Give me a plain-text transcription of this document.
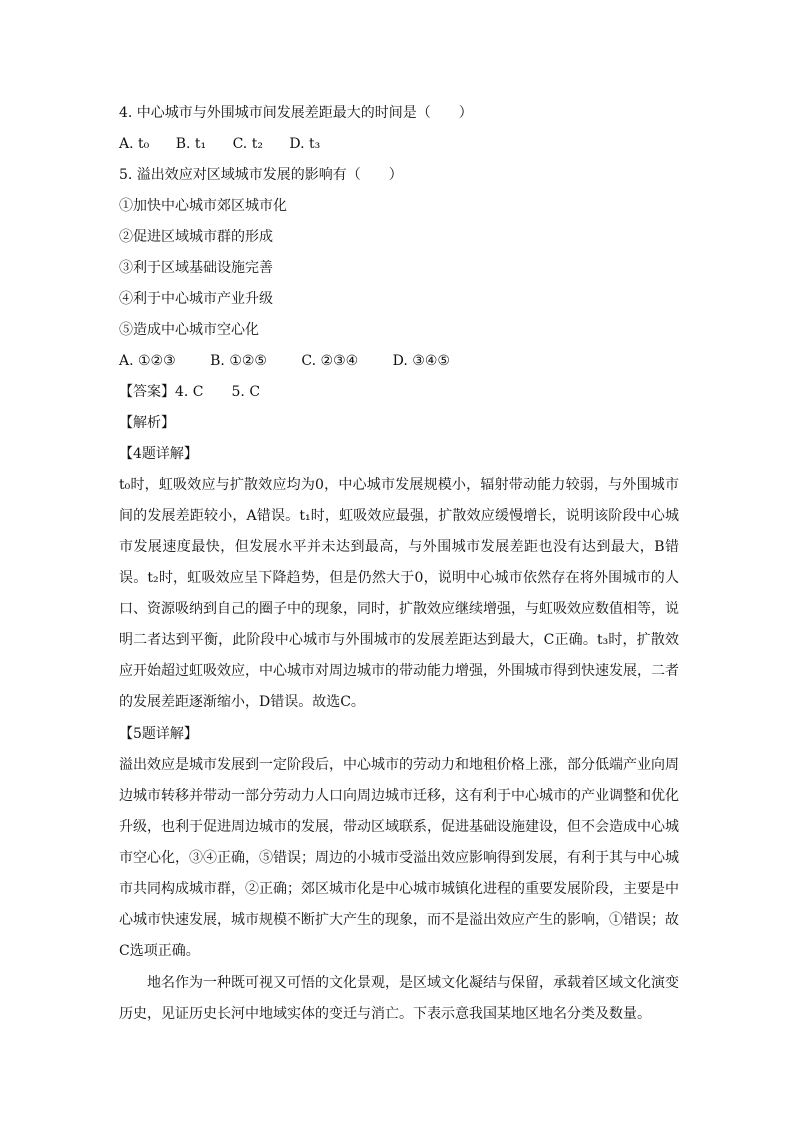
4. 中心城市与外围城市间发展差距最大的时间是（　　）
A. t₀ B. t₁ C. t₂ D. t₃
5. 溢出效应对区域城市发展的影响有（　　）
①加快中心城市郊区城市化
②促进区域城市群的形成
③利于区域基础设施完善
④利于中心城市产业升级
⑤造成中心城市空心化
A. ①②③ B. ①②⑤ C. ②③④ D. ③④⑤
【答案】4. C　　5. C
【解析】
【4题详解】
t₀时，虹吸效应与扩散效应均为0，中心城市发展规模小，辐射带动能力较弱，与外围城市间的发展差距较小，A错误。t₁时，虹吸效应最强，扩散效应缓慢增长，说明该阶段中心城市发展速度最快，但发展水平并未达到最高，与外围城市发展差距也没有达到最大，B错误。t₂时，虹吸效应呈下降趋势，但是仍然大于0，说明中心城市依然存在将外围城市的人口、资源吸纳到自己的圈子中的现象，同时，扩散效应继续增强，与虹吸效应数值相等，说明二者达到平衡，此阶段中心城市与外围城市的发展差距达到最大，C正确。t₃时，扩散效应开始超过虹吸效应，中心城市对周边城市的带动能力增强，外围城市得到快速发展，二者的发展差距逐渐缩小，D错误。故选C。
【5题详解】
溢出效应是城市发展到一定阶段后，中心城市的劳动力和地租价格上涨，部分低端产业向周边城市转移并带动一部分劳动力人口向周边城市迁移，这有利于中心城市的产业调整和优化升级，也利于促进周边城市的发展，带动区域联系，促进基础设施建设，但不会造成中心城市空心化，③④正确，⑤错误；周边的小城市受溢出效应影响得到发展，有利于其与中心城市共同构成城市群，②正确；郊区城市化是中心城市城镇化进程的重要发展阶段，主要是中心城市快速发展，城市规模不断扩大产生的现象，而不是溢出效应产生的影响，①错误；故C选项正确。
地名作为一种既可视又可悟的文化景观，是区域文化凝结与保留，承载着区域文化演变历史，见证历史长河中地域实体的变迁与消亡。下表示意我国某地区地名分类及数量。
